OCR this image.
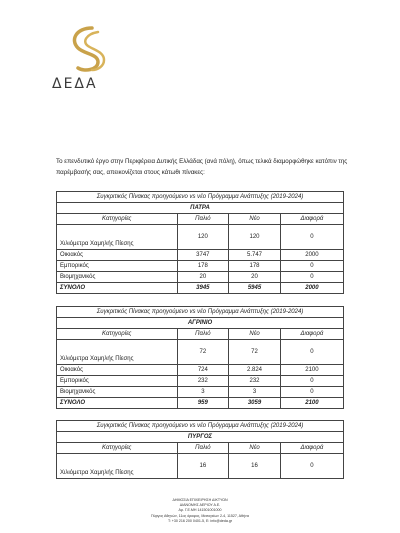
ΔΕΔΑ
Το επενδυτικό έργο στην Περιφέρεια Δυτικής Ελλάδας (ανά πόλη), όπως τελικά διαμορφώθηκε κατόπιν της παρέμβασής σας, απεικονίζεται στους κάτωθι πίνακες:
Συγκριτικός Πίνακας προηγούμενο vs νέο Πρόγραμμα Ανάπτυξης (2019-2024)			
ΠΑΤΡΑ			
Κατηγορίες	Παλιό	Νέο	Διαφορά
Χιλιόμετρα Χαμηλής Πίεσης	120	120	0
Οικιακός	3747	5.747	2000
Εμπορικός	178	178	0
Βιομηχανικός	20	20	0
ΣΥΝΟΛΟ	3945	5945	2000
Συγκριτικός Πίνακας προηγούμενο vs νέο Πρόγραμμα Ανάπτυξης (2019-2024)			
ΑΓΡΙΝΙΟ			
Κατηγορίες	Παλιό	Νέο	Διαφορά
Χιλιόμετρα Χαμηλής Πίεσης	72	72	0
Οικιακός	724	2.824	2100
Εμπορικός	232	232	0
Βιομηχανικός	3	3	0
ΣΥΝΟΛΟ	959	3059	2100
Συγκριτικός Πίνακας προηγούμενο vs νέο Πρόγραμμα Ανάπτυξης (2019-2024)			
ΠΥΡΓΟΣ			
Κατηγορίες	Παλιό	Νέο	Διαφορά
Χιλιόμετρα Χαμηλής Πίεσης	16	16	0
ΔΗΜΟΣΙΑ ΕΠΙΧΕΙΡΗΣΗ ΔΙΚΤΥΩΝ
ΔΙΑΝΟΜΗΣ ΑΕΡΙΟΥ Α.Ε.
Αρ. Γ.Ε.ΜΗ 141501001000
Πύργος Αθηνών, 11ος όροφος, Μεσογείων 2-4, 11527, Αθήνα
Τ: +30 216 200 0401-5, Ε: info@deda.gr
